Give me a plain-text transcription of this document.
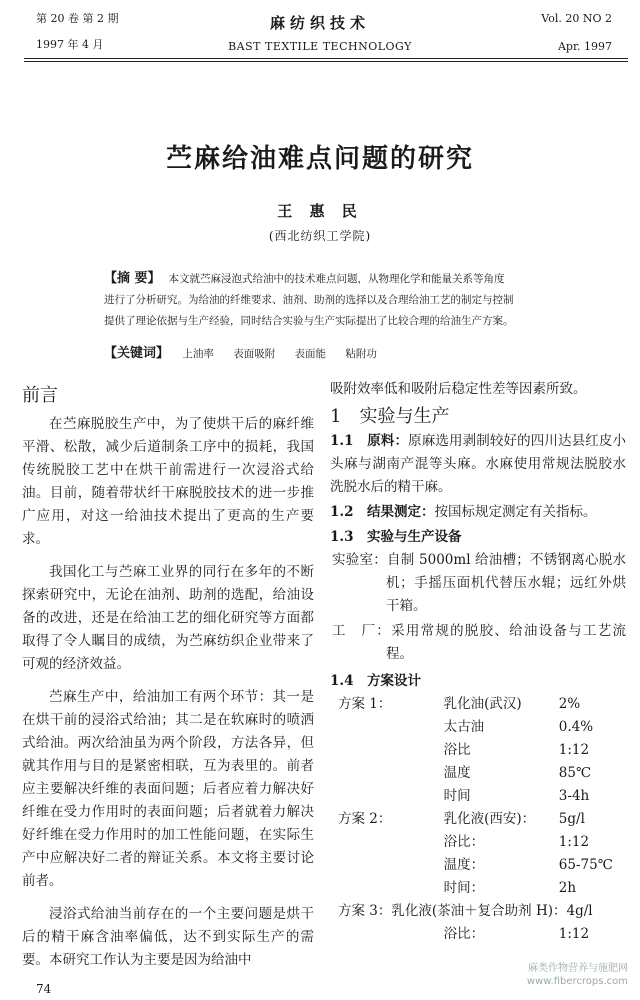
第 20 卷 第 2 期
1997 年 4 月
麻纺织技术
BAST TEXTILE TECHNOLOGY
Vol. 20 NO 2
Apr. 1997
苎麻给油难点问题的研究
王 惠 民
(西北纺织工学院)
【摘 要】 本文就苎麻浸泡式给油中的技术难点问题，从物理化学和能量关系等角度
进行了分析研究。为给油的纤维要求、油剂、助剂的选择以及合理给油工艺的制定与控制
提供了理论依据与生产经验，同时结合实验与生产实际提出了比较合理的给油生产方案。
【关键词】 上油率 表面吸附 表面能 粘附功

前言

在苎麻脱胶生产中，为了使烘干后的麻纤维平滑、松散，减少后道制条工序中的损耗，我国传统脱胶工艺中在烘干前需进行一次浸浴式给油。目前，随着带状纤干麻脱胶技术的进一步推广应用，对这一给油技术提出了更高的生产要求。

我国化工与苎麻工业界的同行在多年的不断探索研究中，无论在油剂、助剂的选配，给油设备的改进，还是在给油工艺的细化研究等方面都取得了令人瞩目的成绩，为苎麻纺织企业带来了可观的经济效益。

苎麻生产中，给油加工有两个环节：其一是在烘干前的浸浴式给油；其二是在软麻时的喷洒式给油。两次给油虽为两个阶段，方法各异，但就其作用与目的是紧密相联，互为表里的。前者应主要解决纤维的表面问题；后者应着力解决好纤维在受力作用时的表面问题；后者就着力解决好纤维在受力作用时的加工性能问题，在实际生产中应解决好二者的辩证关系。本文将主要讨论前者。

浸浴式给油当前存在的一个主要问题是烘干后的精干麻含油率偏低，达不到实际生产的需要。本研究工作认为主要是因为给油中

吸附效率低和吸附后稳定性差等因素所致。

1　实验与生产

1.1　原料：原麻选用剥制较好的四川达县红皮小头麻与湖南产混等头麻。水麻使用常规法脱胶水洗脱水后的精干麻。

1.2　结果测定：按国标规定测定有关指标。

1.3　实验与生产设备

实验室：自制 5000ml 给油槽；不锈钢离心脱水机；手摇压面机代替压水辊；远红外烘干箱。

工　厂：采用常规的脱胶、给油设备与工艺流程。

1.4　方案设计

方案 1：	乳化油(武汉)	2%
太古油	0.4%
浴比	1:12
温度	85℃
时间	3-4h
方案 2：	乳化液(西安)：	5g/l
浴比：	1:12
温度：	65-75℃
时间：	2h
方案 3：乳化液(茶油＋复合助剂 H)：4g/l
浴比：	1:12
74
麻类作物营养与施肥网
www.fibercrops.com
